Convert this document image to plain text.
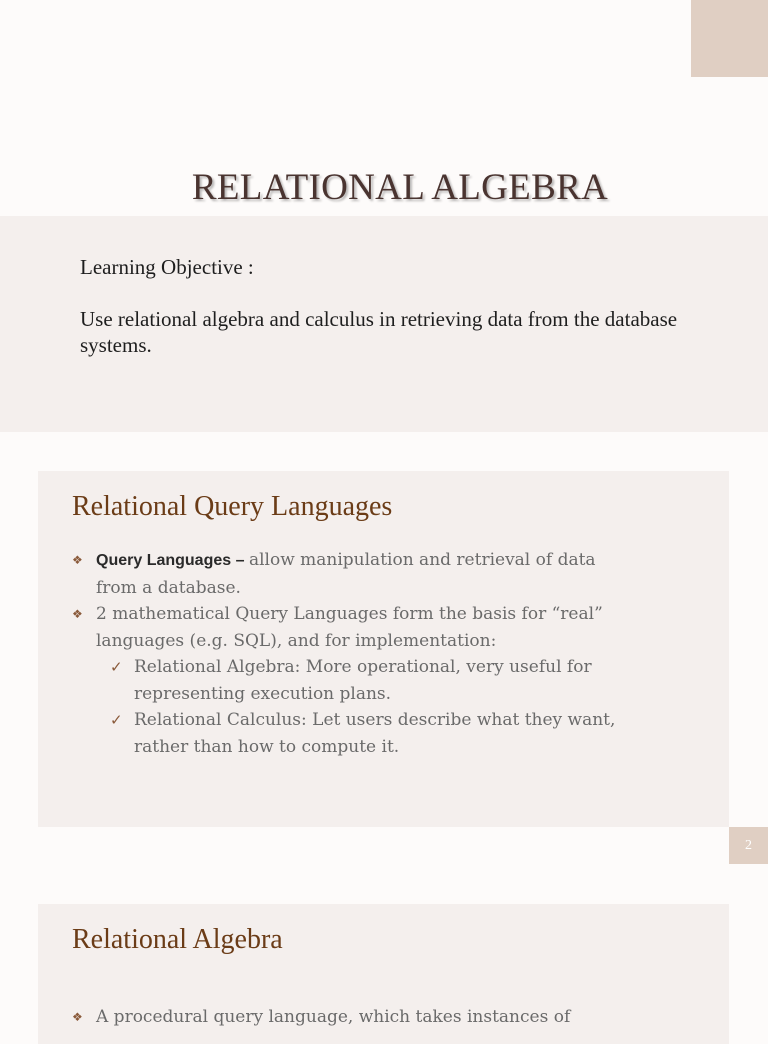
RELATIONAL ALGEBRA
Learning Objective :
Use relational algebra and calculus in retrieving data from the database systems.
Relational Query Languages
❖ Query Languages – allow manipulation and retrieval of data from a database.
❖ 2 mathematical Query Languages form the basis for “real” languages (e.g. SQL), and for implementation:
✓ Relational Algebra: More operational, very useful for representing execution plans.
✓ Relational Calculus: Let users describe what they want, rather than how to compute it.
2
Relational Algebra
❖ A procedural query language, which takes instances of
